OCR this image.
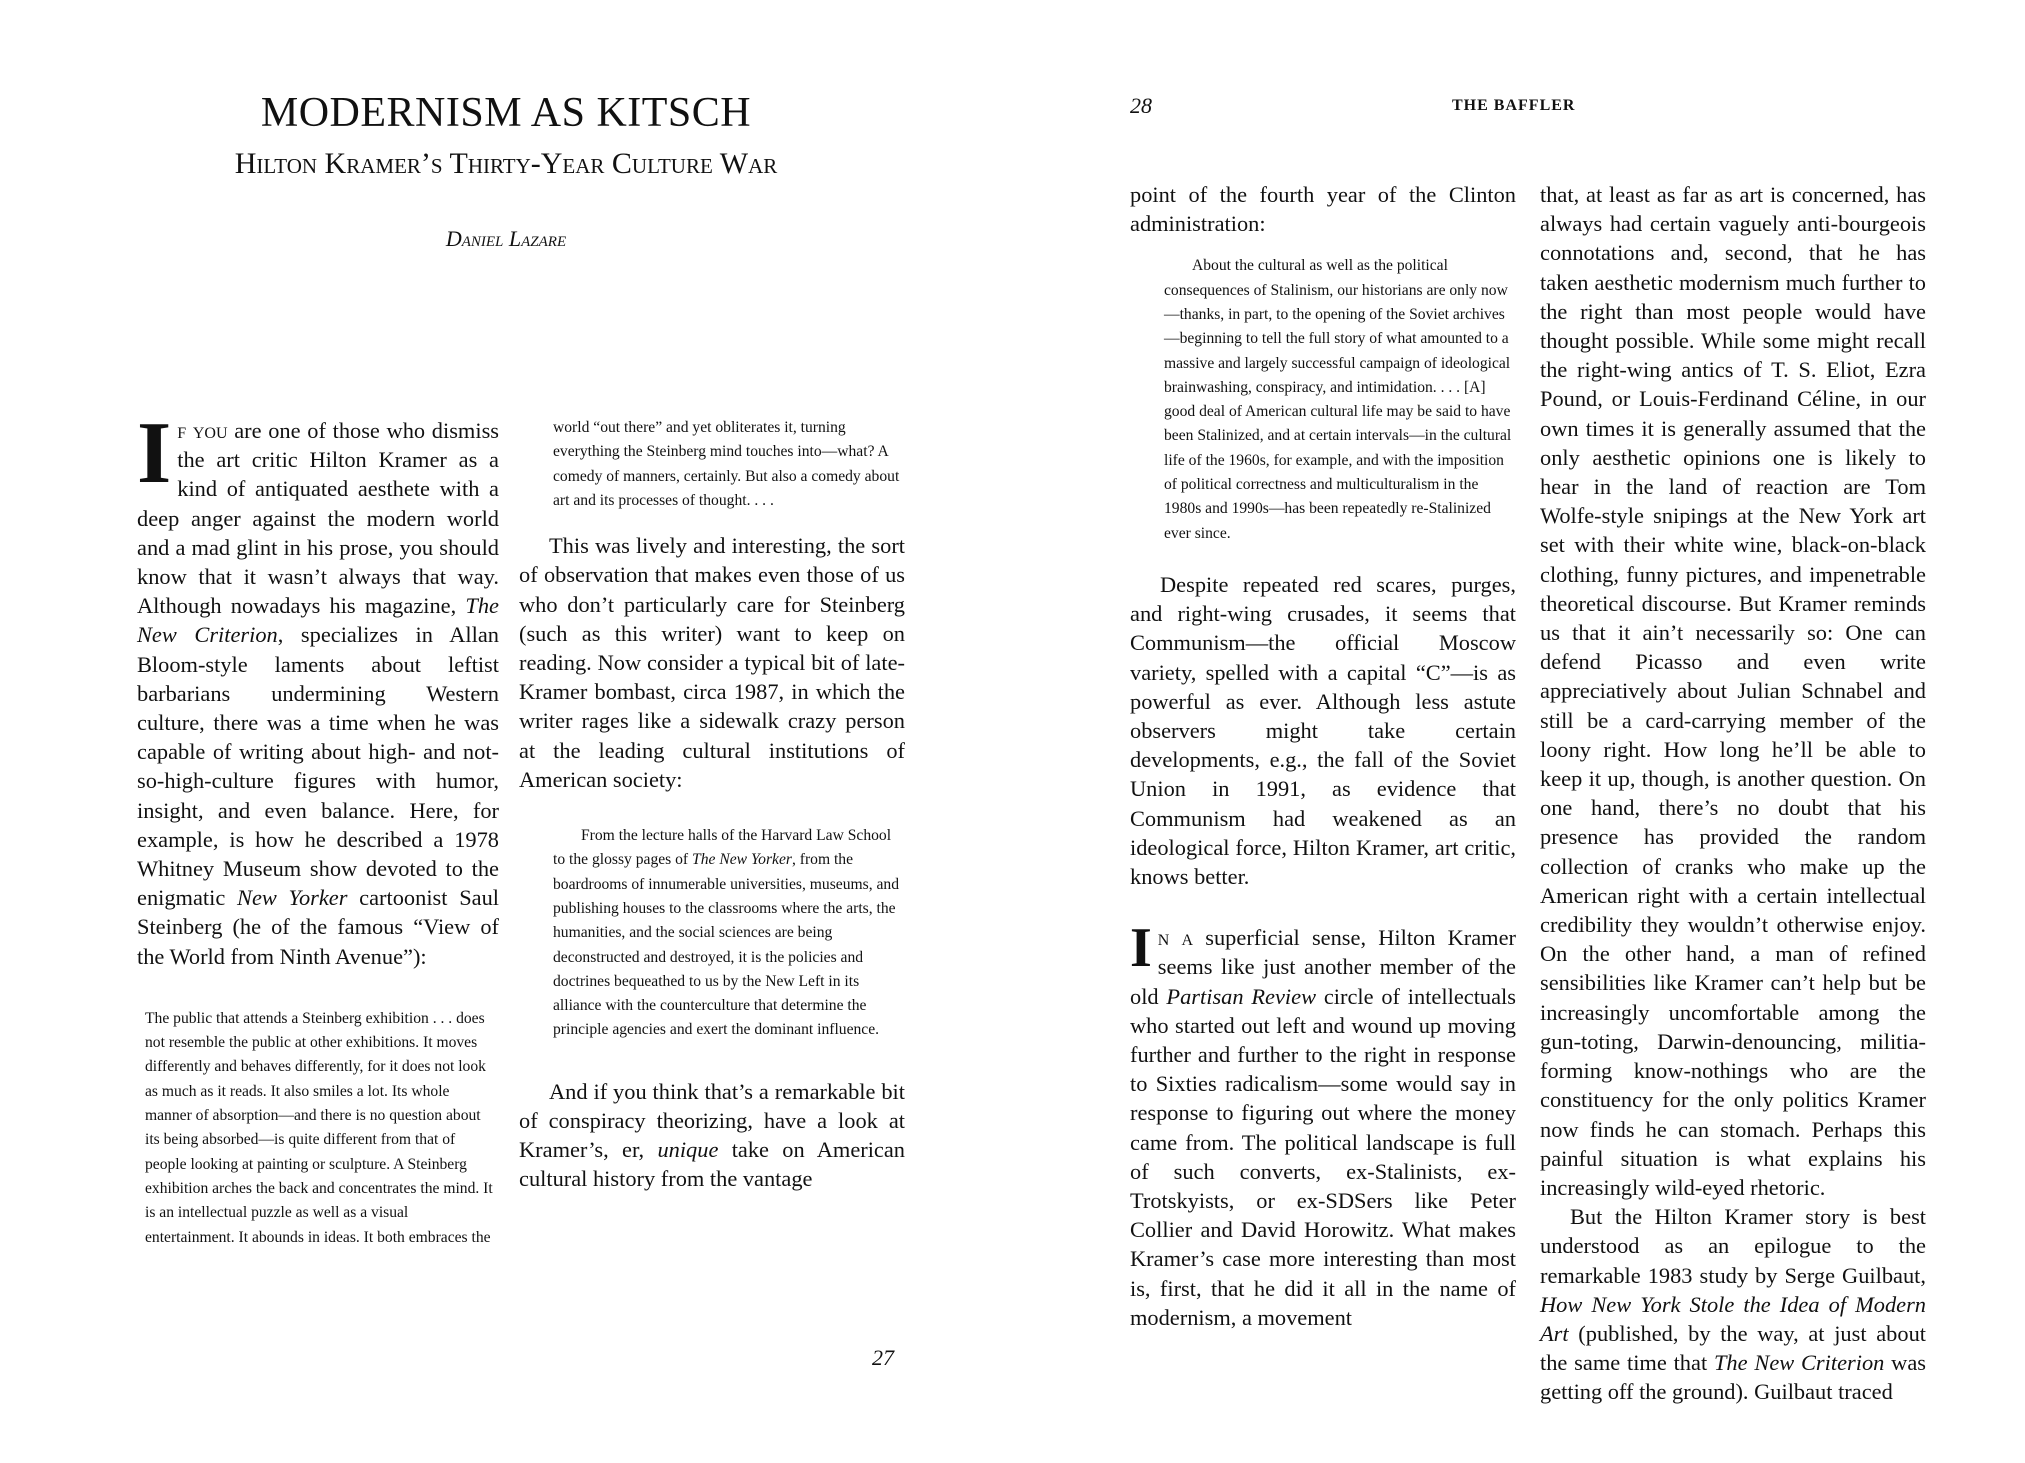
MODERNISM AS KITSCH
Hilton Kramer’s Thirty-Year Culture War
Daniel Lazare

If you are one of those who dismiss the art critic Hilton Kramer as a kind of antiquated aesthete with a deep anger against the modern world and a mad glint in his prose, you should know that it wasn’t always that way. Although nowadays his magazine, The New Criterion, specializes in Allan Bloom-style laments about leftist barbarians undermining Western culture, there was a time when he was capable of writing about high- and not-so-high-culture figures with humor, insight, and even balance. Here, for example, is how he described a 1978 Whitney Museum show devoted to the enigmatic New Yorker cartoonist Saul Steinberg (he of the famous “View of the World from Ninth Avenue”):

The public that attends a Steinberg exhibition . . . does not resemble the public at other exhibitions. It moves differently and behaves differently, for it does not look as much as it reads. It also smiles a lot. Its whole manner of absorption—and there is no question about its being absorbed—is quite different from that of people looking at painting or sculpture. A Steinberg exhibition arches the back and concentrates the mind. It is an intellectual puzzle as well as a visual entertainment. It abounds in ideas. It both embraces the

world “out there” and yet obliterates it, turning everything the Steinberg mind touches into—what? A comedy of manners, certainly. But also a comedy about art and its processes of thought. . . .

This was lively and interesting, the sort of observation that makes even those of us who don’t particularly care for Steinberg (such as this writer) want to keep on reading. Now consider a typical bit of late-Kramer bombast, circa 1987, in which the writer rages like a sidewalk crazy person at the leading cultural institutions of American society:

From the lecture halls of the Harvard Law School to the glossy pages of The New Yorker, from the boardrooms of innumerable universities, museums, and publishing houses to the classrooms where the arts, the humanities, and the social sciences are being deconstructed and destroyed, it is the policies and doctrines bequeathed to us by the New Left in its alliance with the counterculture that determine the principle agencies and exert the dominant influence.

And if you think that’s a remarkable bit of conspiracy theorizing, have a look at Kramer’s, er, unique take on American cultural history from the vantage

27
28	THE BAFFLER

point of the fourth year of the Clinton administration:

About the cultural as well as the political consequences of Stalinism, our historians are only now—thanks, in part, to the opening of the Soviet archives—beginning to tell the full story of what amounted to a massive and largely successful campaign of ideological brainwashing, conspiracy, and intimidation. . . . [A] good deal of American cultural life may be said to have been Stalinized, and at certain intervals—in the cultural life of the 1960s, for example, and with the imposition of political correctness and multiculturalism in the 1980s and 1990s—has been repeatedly re-Stalinized ever since.

Despite repeated red scares, purges, and right-wing crusades, it seems that Communism—the official Moscow variety, spelled with a capital “C”—is as powerful as ever. Although less astute observers might take certain developments, e.g., the fall of the Soviet Union in 1991, as evidence that Communism had weakened as an ideological force, Hilton Kramer, art critic, knows better.

In a superficial sense, Hilton Kramer seems like just another member of the old Partisan Review circle of intellectuals who started out left and wound up moving further and further to the right in response to Sixties radicalism—some would say in response to figuring out where the money came from. The political landscape is full of such converts, ex-Stalinists, ex-Trotskyists, or ex-SDSers like Peter Collier and David Horowitz. What makes Kramer’s case more interesting than most is, first, that he did it all in the name of modernism, a movement

that, at least as far as art is concerned, has always had certain vaguely anti-bourgeois connotations and, second, that he has taken aesthetic modernism much further to the right than most people would have thought possible. While some might recall the right-wing antics of T. S. Eliot, Ezra Pound, or Louis-Ferdinand Céline, in our own times it is generally assumed that the only aesthetic opinions one is likely to hear in the land of reaction are Tom Wolfe-style snipings at the New York art set with their white wine, black-on-black clothing, funny pictures, and impenetrable theoretical discourse. But Kramer reminds us that it ain’t necessarily so: One can defend Picasso and even write appreciatively about Julian Schnabel and still be a card-carrying member of the loony right. How long he’ll be able to keep it up, though, is another question. On one hand, there’s no doubt that his presence has provided the random collection of cranks who make up the American right with a certain intellectual credibility they wouldn’t otherwise enjoy. On the other hand, a man of refined sensibilities like Kramer can’t help but be increasingly uncomfortable among the gun-toting, Darwin-denouncing, militia-forming know-nothings who are the constituency for the only politics Kramer now finds he can stomach. Perhaps this painful situation is what explains his increasingly wild-eyed rhetoric.

But the Hilton Kramer story is best understood as an epilogue to the remarkable 1983 study by Serge Guilbaut, How New York Stole the Idea of Modern Art (published, by the way, at just about the same time that The New Criterion was getting off the ground). Guilbaut traced
